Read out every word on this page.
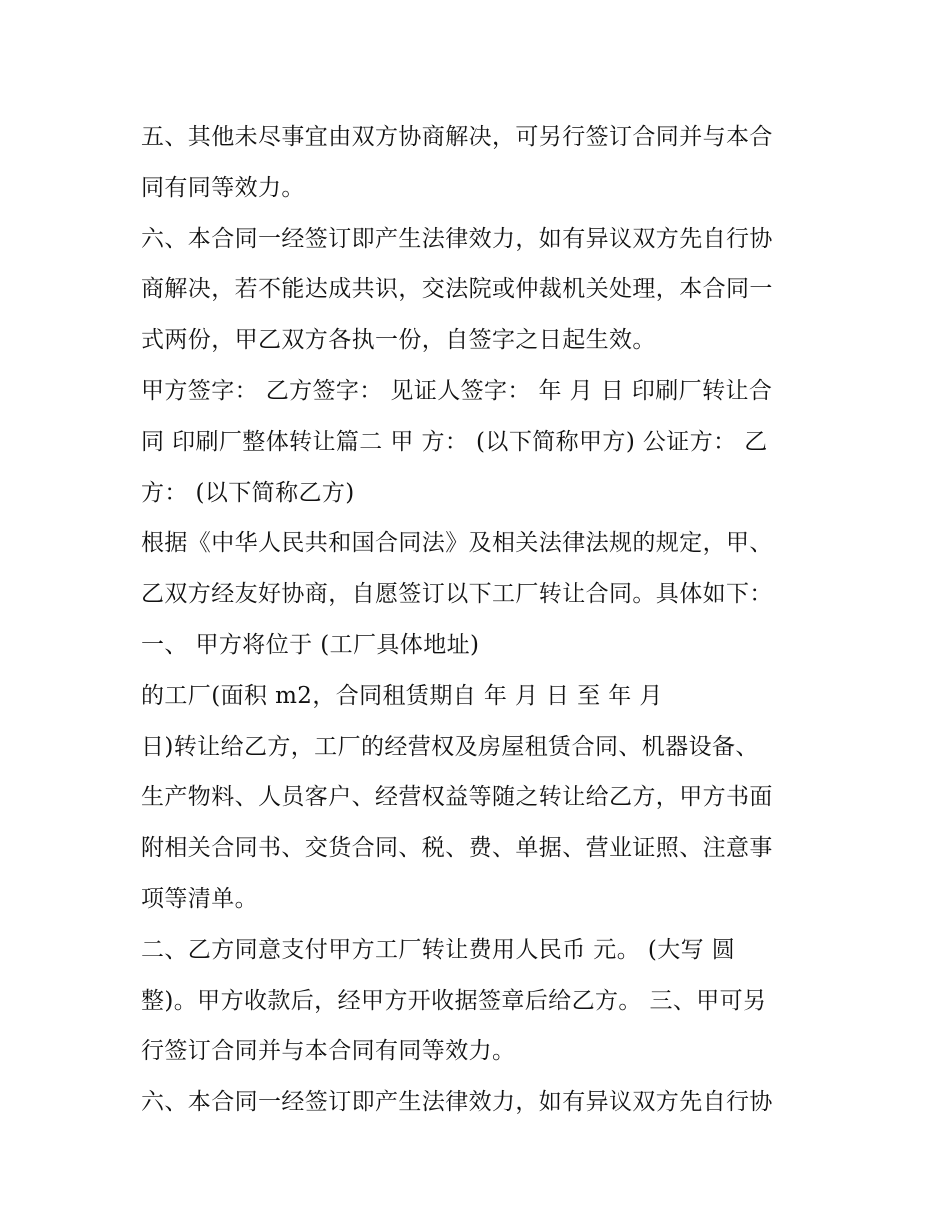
五、其他未尽事宜由双方协商解决，可另行签订合同并与本合
同有同等效力。
六、本合同一经签订即产生法律效力，如有异议双方先自行协
商解决，若不能达成共识，交法院或仲裁机关处理，本合同一
式两份，甲乙双方各执一份，自签字之日起生效。
甲方签字： 乙方签字： 见证人签字： 年 月 日 印刷厂转让合
同 印刷厂整体转让篇二 甲 方： (以下简称甲方) 公证方： 乙
方： (以下简称乙方)
根据《中华人民共和国合同法》及相关法律法规的规定，甲、
乙双方经友好协商，自愿签订以下工厂转让合同。具体如下：
一、 甲方将位于 (工厂具体地址)
的工厂(面积 m2，合同租赁期自 年 月 日 至 年 月
日)转让给乙方，工厂的经营权及房屋租赁合同、机器设备、
生产物料、人员客户、经营权益等随之转让给乙方，甲方书面
附相关合同书、交货合同、税、费、单据、营业证照、注意事
项等清单。
二、乙方同意支付甲方工厂转让费用人民币 元。 (大写 圆
整)。甲方收款后，经甲方开收据签章后给乙方。 三、甲可另
行签订合同并与本合同有同等效力。
六、本合同一经签订即产生法律效力，如有异议双方先自行协
